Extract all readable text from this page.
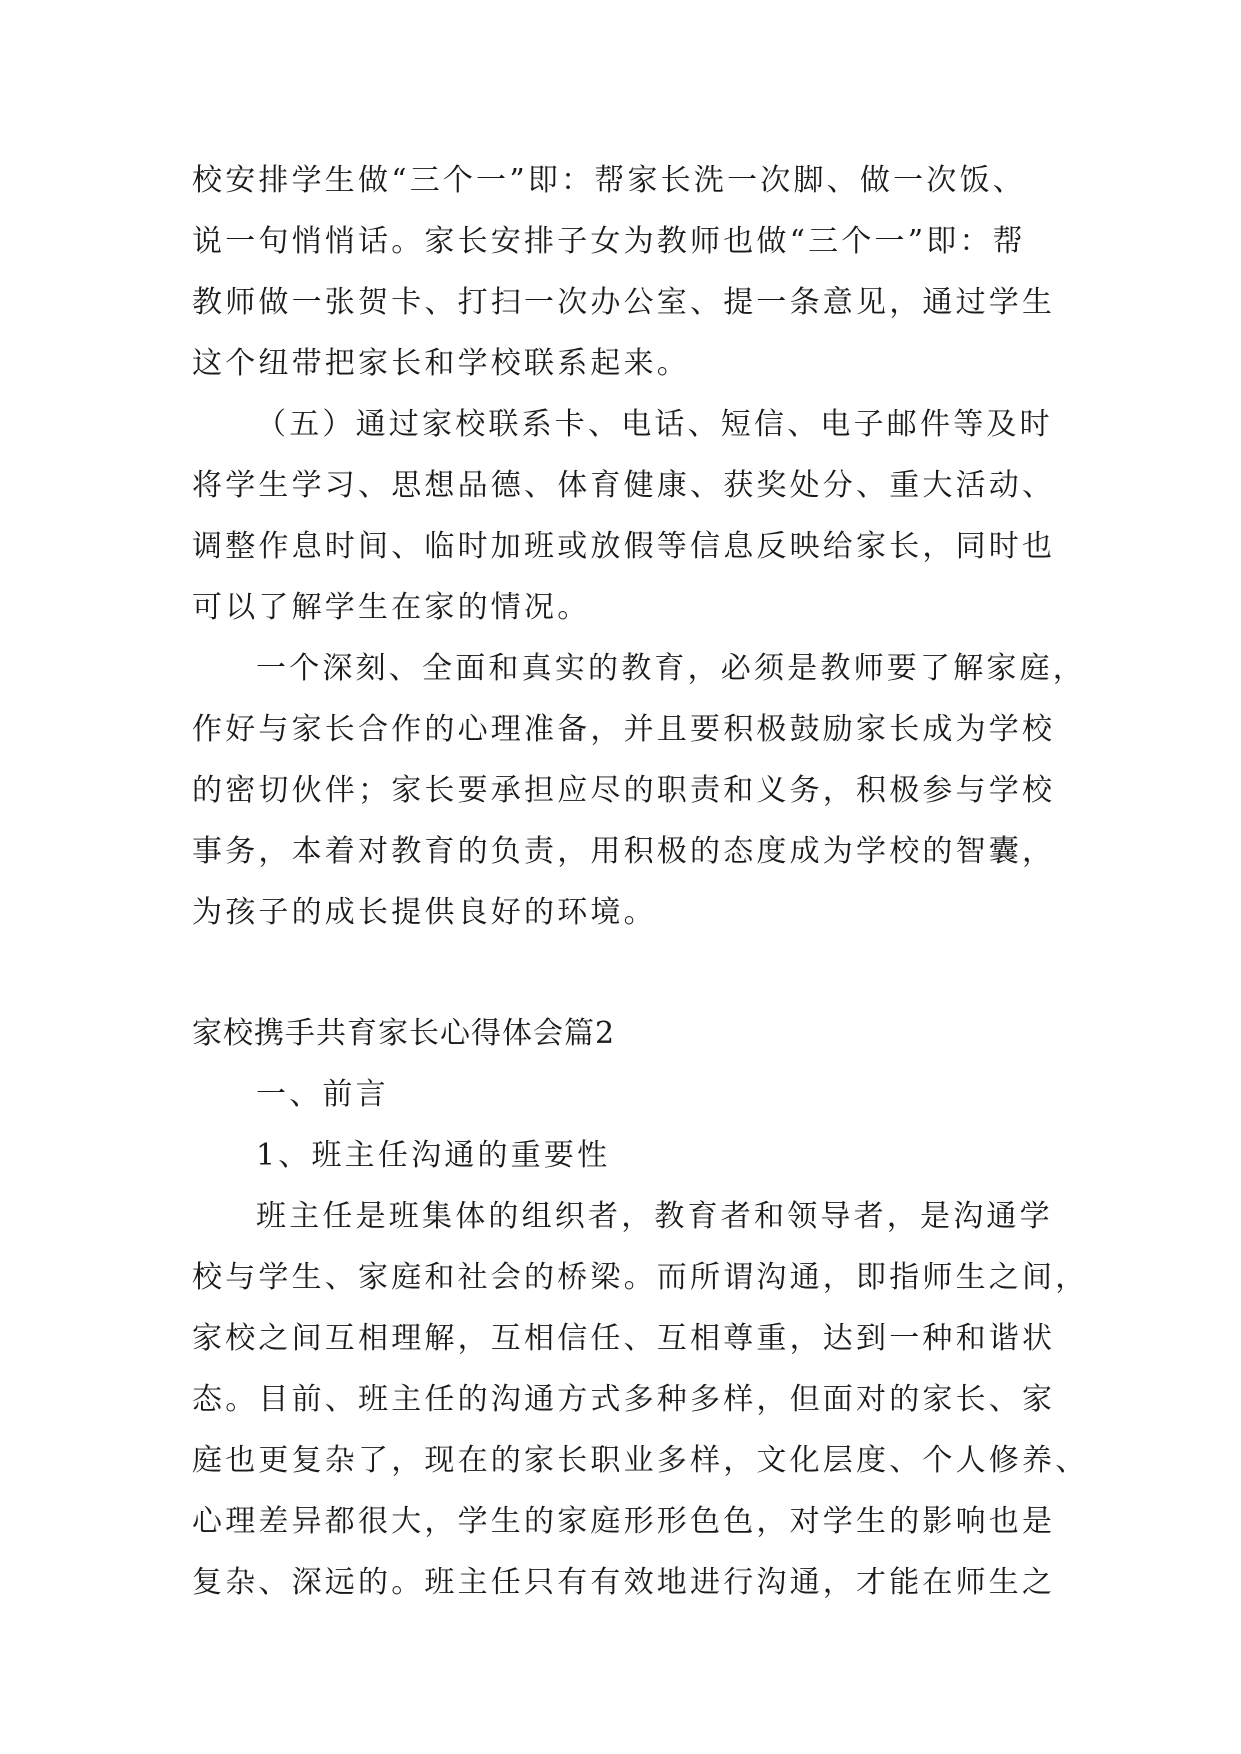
校安排学生做“三个一”即：帮家长洗一次脚、做一次饭、
说一句悄悄话。家长安排子女为教师也做“三个一”即：帮
教师做一张贺卡、打扫一次办公室、提一条意见，通过学生
这个纽带把家长和学校联系起来。
（五）通过家校联系卡、电话、短信、电子邮件等及时
将学生学习、思想品德、体育健康、获奖处分、重大活动、
调整作息时间、临时加班或放假等信息反映给家长，同时也
可以了解学生在家的情况。
一个深刻、全面和真实的教育，必须是教师要了解家庭，
作好与家长合作的心理准备，并且要积极鼓励家长成为学校
的密切伙伴；家长要承担应尽的职责和义务，积极参与学校
事务，本着对教育的负责，用积极的态度成为学校的智囊，
为孩子的成长提供良好的环境。
家校携手共育家长心得体会篇2
一、前言
1、班主任沟通的重要性
班主任是班集体的组织者，教育者和领导者，是沟通学
校与学生、家庭和社会的桥梁。而所谓沟通，即指师生之间，
家校之间互相理解，互相信任、互相尊重，达到一种和谐状
态。目前、班主任的沟通方式多种多样，但面对的家长、家
庭也更复杂了，现在的家长职业多样，文化层度、个人修养、
心理差异都很大，学生的家庭形形色色，对学生的影响也是
复杂、深远的。班主任只有有效地进行沟通，才能在师生之
